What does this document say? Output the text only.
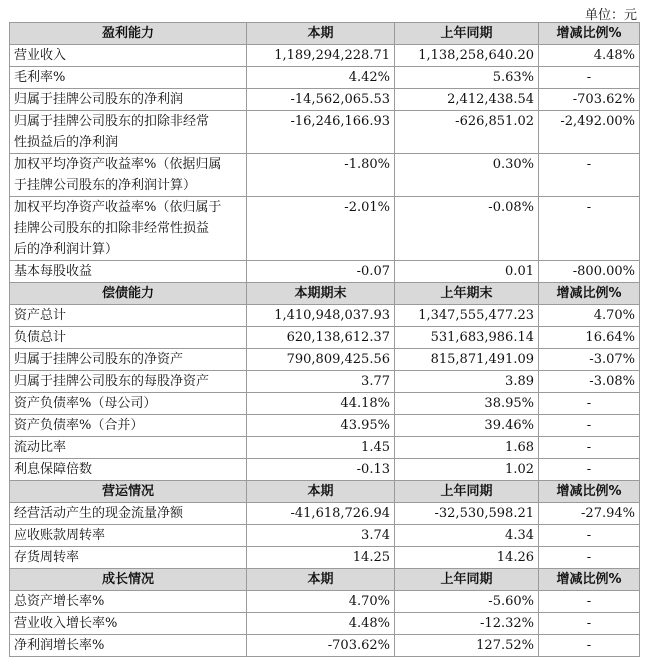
单位：元
盈利能力	本期	上年同期	增减比例%
营业收入	1,189,294,228.71	1,138,258,640.20	4.48%
毛利率%	4.42%	5.63%	-
归属于挂牌公司股东的净利润	-14,562,065.53	2,412,438.54	-703.62%
归属于挂牌公司股东的扣除非经常
性损益后的净利润	-16,246,166.93	-626,851.02	-2,492.00%
加权平均净资产收益率%（依据归属
于挂牌公司股东的净利润计算）	-1.80%	0.30%	-
加权平均净资产收益率%（依归属于
挂牌公司股东的扣除非经常性损益
后的净利润计算）	-2.01%	-0.08%	-
基本每股收益	-0.07	0.01	-800.00%
偿债能力	本期期末	上年期末	增减比例%
资产总计	1,410,948,037.93	1,347,555,477.23	4.70%
负债总计	620,138,612.37	531,683,986.14	16.64%
归属于挂牌公司股东的净资产	790,809,425.56	815,871,491.09	-3.07%
归属于挂牌公司股东的每股净资产	3.77	3.89	-3.08%
资产负债率%（母公司）	44.18%	38.95%	-
资产负债率%（合并）	43.95%	39.46%	-
流动比率	1.45	1.68	-
利息保障倍数	-0.13	1.02	-
营运情况	本期	上年同期	增减比例%
经营活动产生的现金流量净额	-41,618,726.94	-32,530,598.21	-27.94%
应收账款周转率	3.74	4.34	-
存货周转率	14.25	14.26	-
成长情况	本期	上年同期	增减比例%
总资产增长率%	4.70%	-5.60%	-
营业收入增长率%	4.48%	-12.32%	-
净利润增长率%	-703.62%	127.52%	-
